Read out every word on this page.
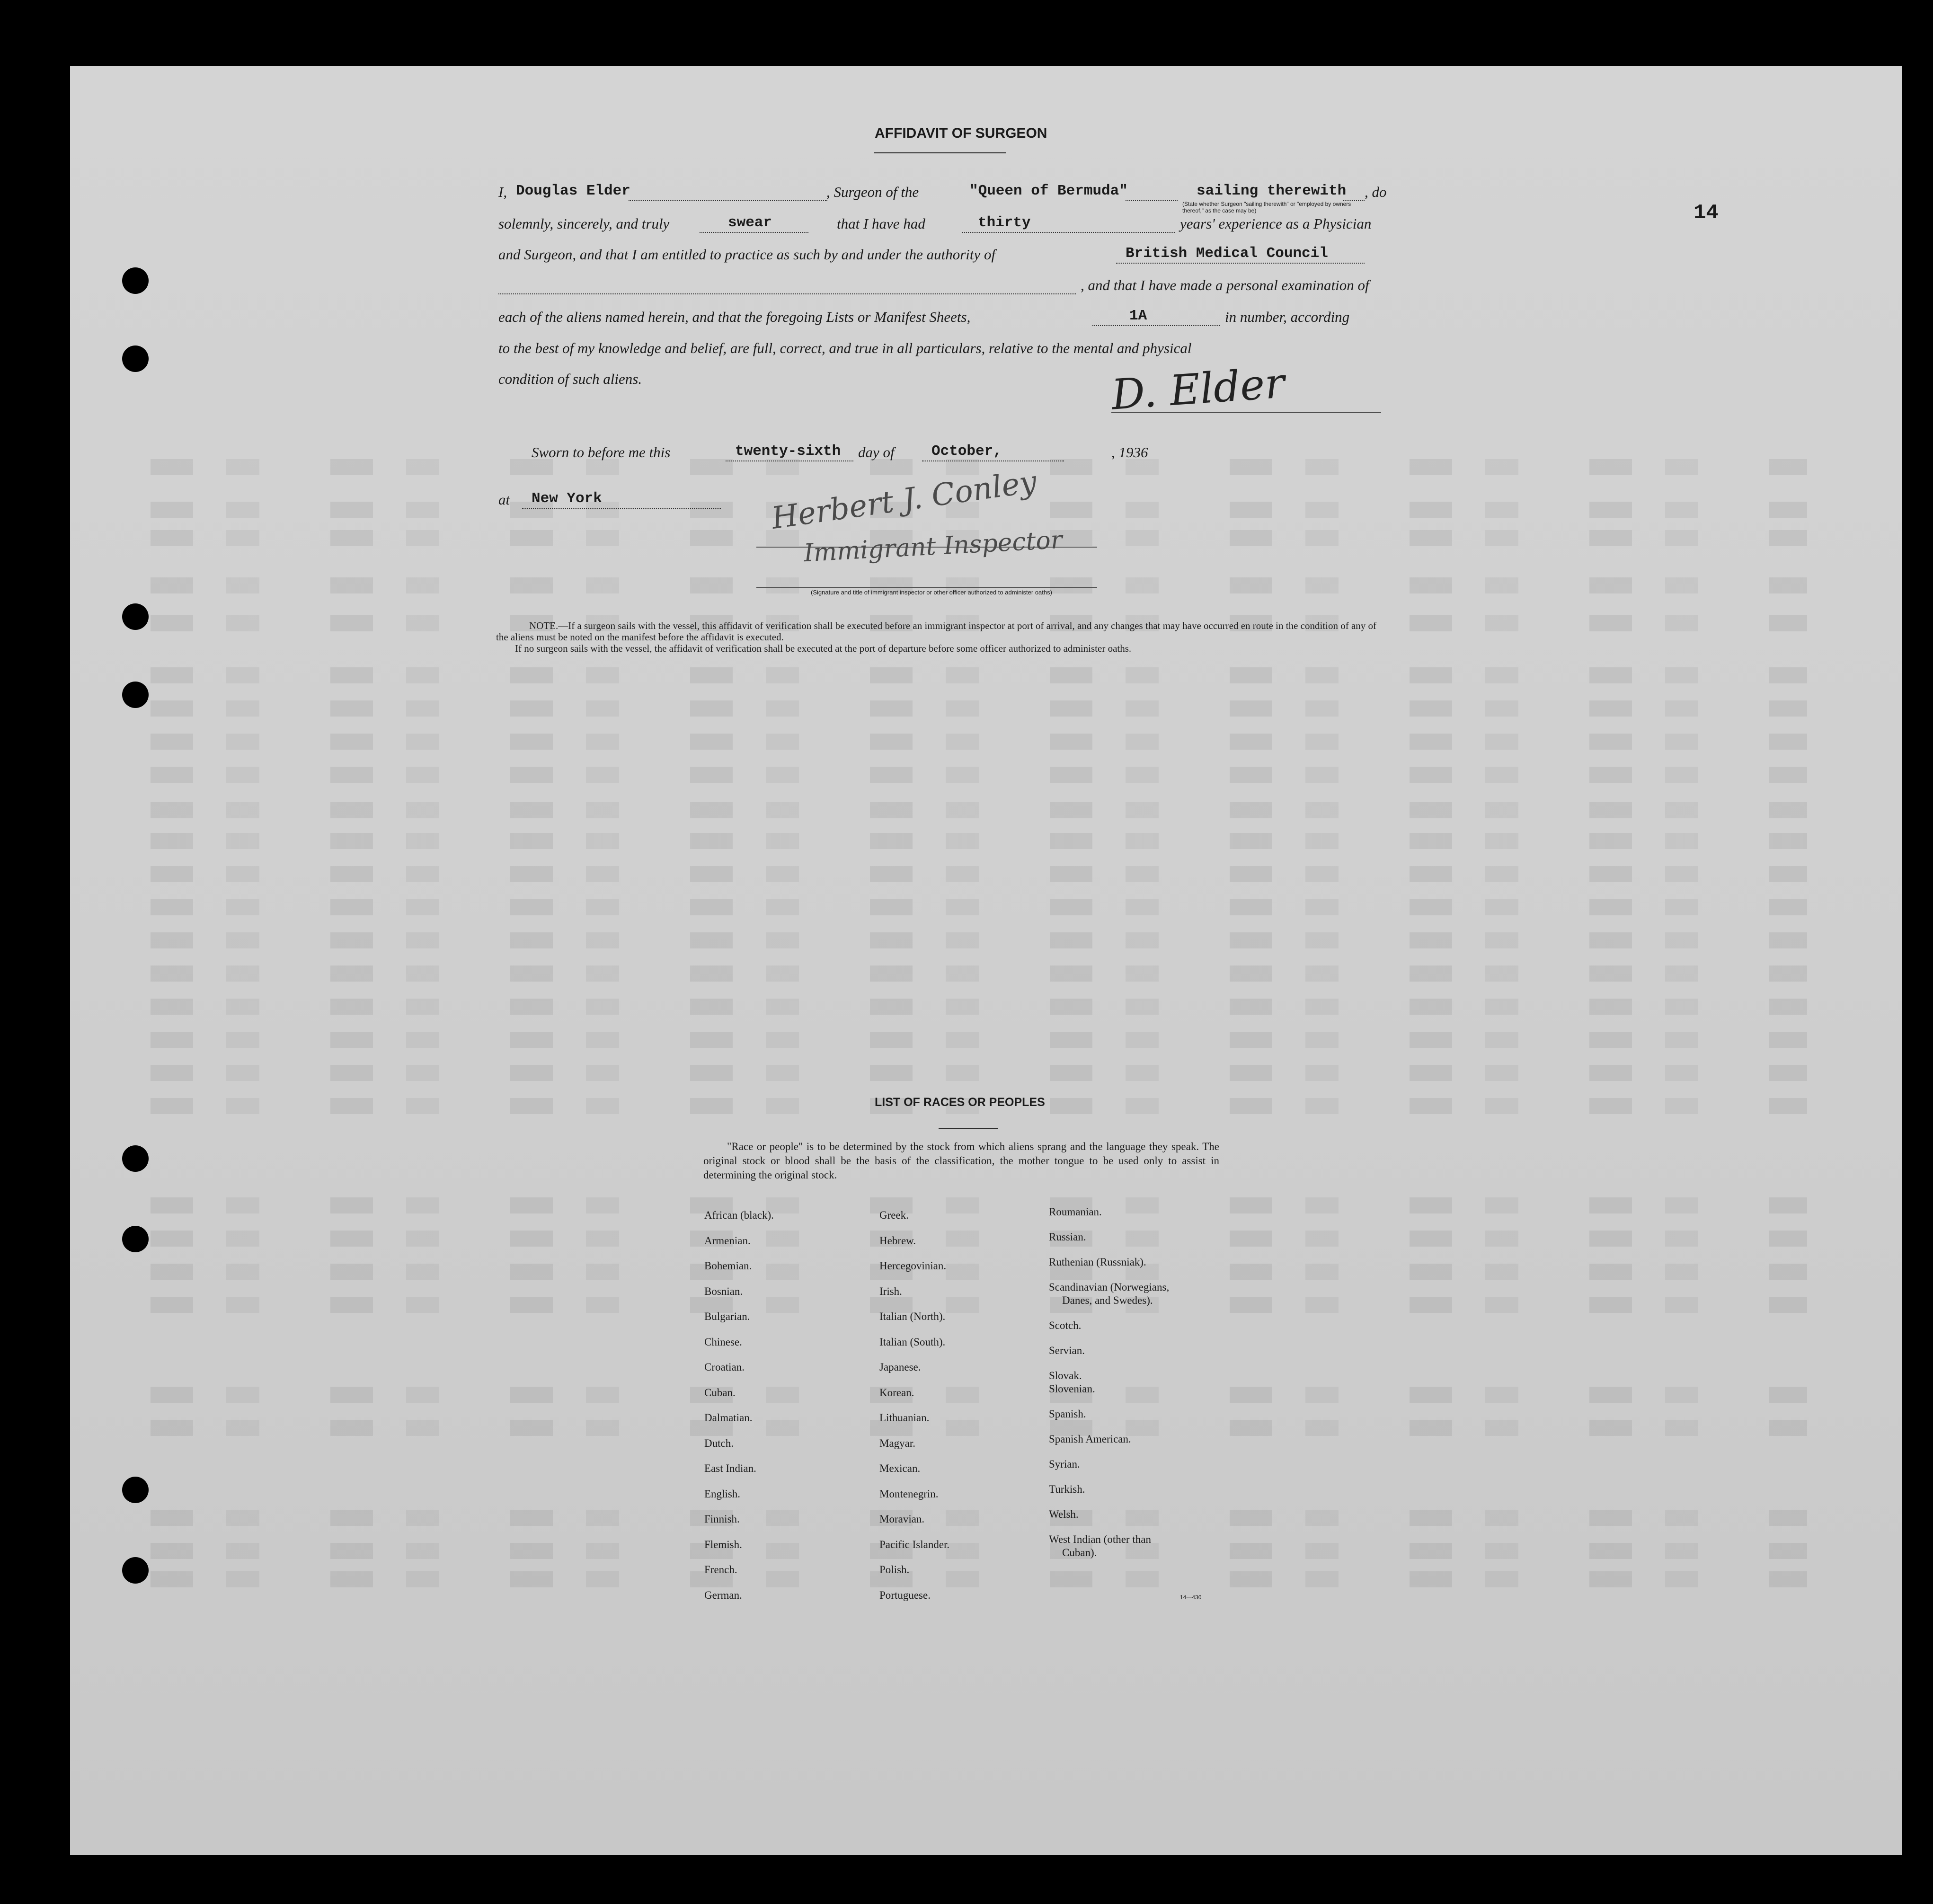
14
AFFIDAVIT OF SURGEON
I, Douglas Elder	, Surgeon of the	"Queen of Bermuda"	sailing therewith , do
(State whether Surgeon "sailing therewith" or "employed by owners thereof," as the case may be)
solemnly, sincerely, and truly	swear	that I have had	thirty	years' experience as a Physician
and Surgeon, and that I am entitled to practice as such by and under the authority of	British Medical Council
, and that I have made a personal examination of
each of the aliens named herein, and that the foregoing Lists or Manifest Sheets,	1A	in number, according
to the best of my knowledge and belief, are full, correct, and true in all particulars, relative to the mental and physical
condition of such aliens.	D. Elder
Sworn to before me this	twenty-sixth day of	October,	, 1936
at New York	Herbert J. Conley
Immigrant Inspector
(Signature and title of immigrant inspector or other officer authorized to administer oaths)
NOTE.—If a surgeon sails with the vessel, this affidavit of verification shall be executed before an immigrant inspector at port of arrival, and any changes that may have occurred en route in the condition of any of the aliens must be noted on the manifest before the affidavit is executed.
If no surgeon sails with the vessel, the affidavit of verification shall be executed at the port of departure before some officer authorized to administer oaths.
LIST OF RACES OR PEOPLES
"Race or people" is to be determined by the stock from which aliens sprang and the language they speak. The original stock or blood shall be the basis of the classification, the mother tongue to be used only to assist in determining the original stock.
African (black).
Armenian.
Bohemian.
Bosnian.
Bulgarian.
Chinese.
Croatian.
Cuban.
Dalmatian.
Dutch.
East Indian.
English.
Finnish.
Flemish.
French.
German.
Greek.
Hebrew.
Hercegovinian.
Irish.
Italian (North).
Italian (South).
Japanese.
Korean.
Lithuanian.
Magyar.
Mexican.
Montenegrin.
Moravian.
Pacific Islander.
Polish.
Portuguese.
Roumanian.
Russian.
Ruthenian (Russniak).
Scandinavian (Norwegians,
Danes, and Swedes).
Scotch.
Servian.
Slovak.
Slovenian.
Spanish.
Spanish American.
Syrian.
Turkish.
Welsh.
West Indian (other than
Cuban).
14—430
